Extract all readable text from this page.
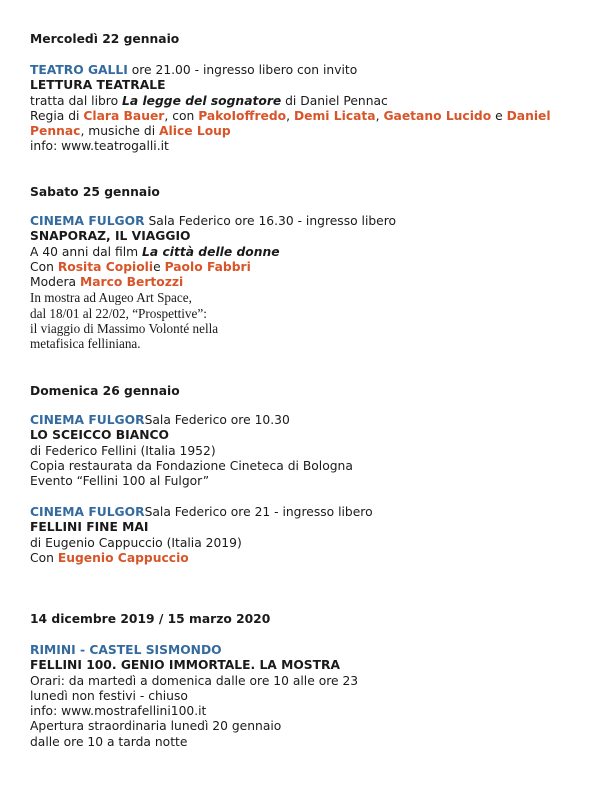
Mercoledì 22 gennaio
TEATRO GALLI ore 21.00 - ingresso libero con invito
LETTURA TEATRALE
tratta dal libro La legge del sognatore di Daniel Pennac
Regia di Clara Bauer, con PakoIoffredo, Demi Licata, Gaetano Lucido e Daniel Pennac, musiche di Alice Loup
info: www.teatrogalli.it
Sabato 25 gennaio
CINEMA FULGOR Sala Federico ore 16.30 - ingresso libero
SNAPORAZ, IL VIAGGIO
A 40 anni dal film La città delle donne
Con Rosita Copiolie Paolo Fabbri
Modera Marco Bertozzi
In mostra ad Augeo Art Space,
dal 18/01 al 22/02, “Prospettive”:
il viaggio di Massimo Volonté nella
metafisica felliniana.
Domenica 26 gennaio
CINEMA FULGORSala Federico ore 10.30
LO SCEICCO BIANCO
di Federico Fellini (Italia 1952)
Copia restaurata da Fondazione Cineteca di Bologna
Evento “Fellini 100 al Fulgor”
CINEMA FULGORSala Federico ore 21 - ingresso libero
FELLINI FINE MAI
di Eugenio Cappuccio (Italia 2019)
Con Eugenio Cappuccio
14 dicembre 2019 / 15 marzo 2020
RIMINI - CASTEL SISMONDO
FELLINI 100. GENIO IMMORTALE. LA MOSTRA
Orari: da martedì a domenica dalle ore 10 alle ore 23
lunedì non festivi - chiuso
info: www.mostrafellini100.it
Apertura straordinaria lunedì 20 gennaio
dalle ore 10 a tarda notte
